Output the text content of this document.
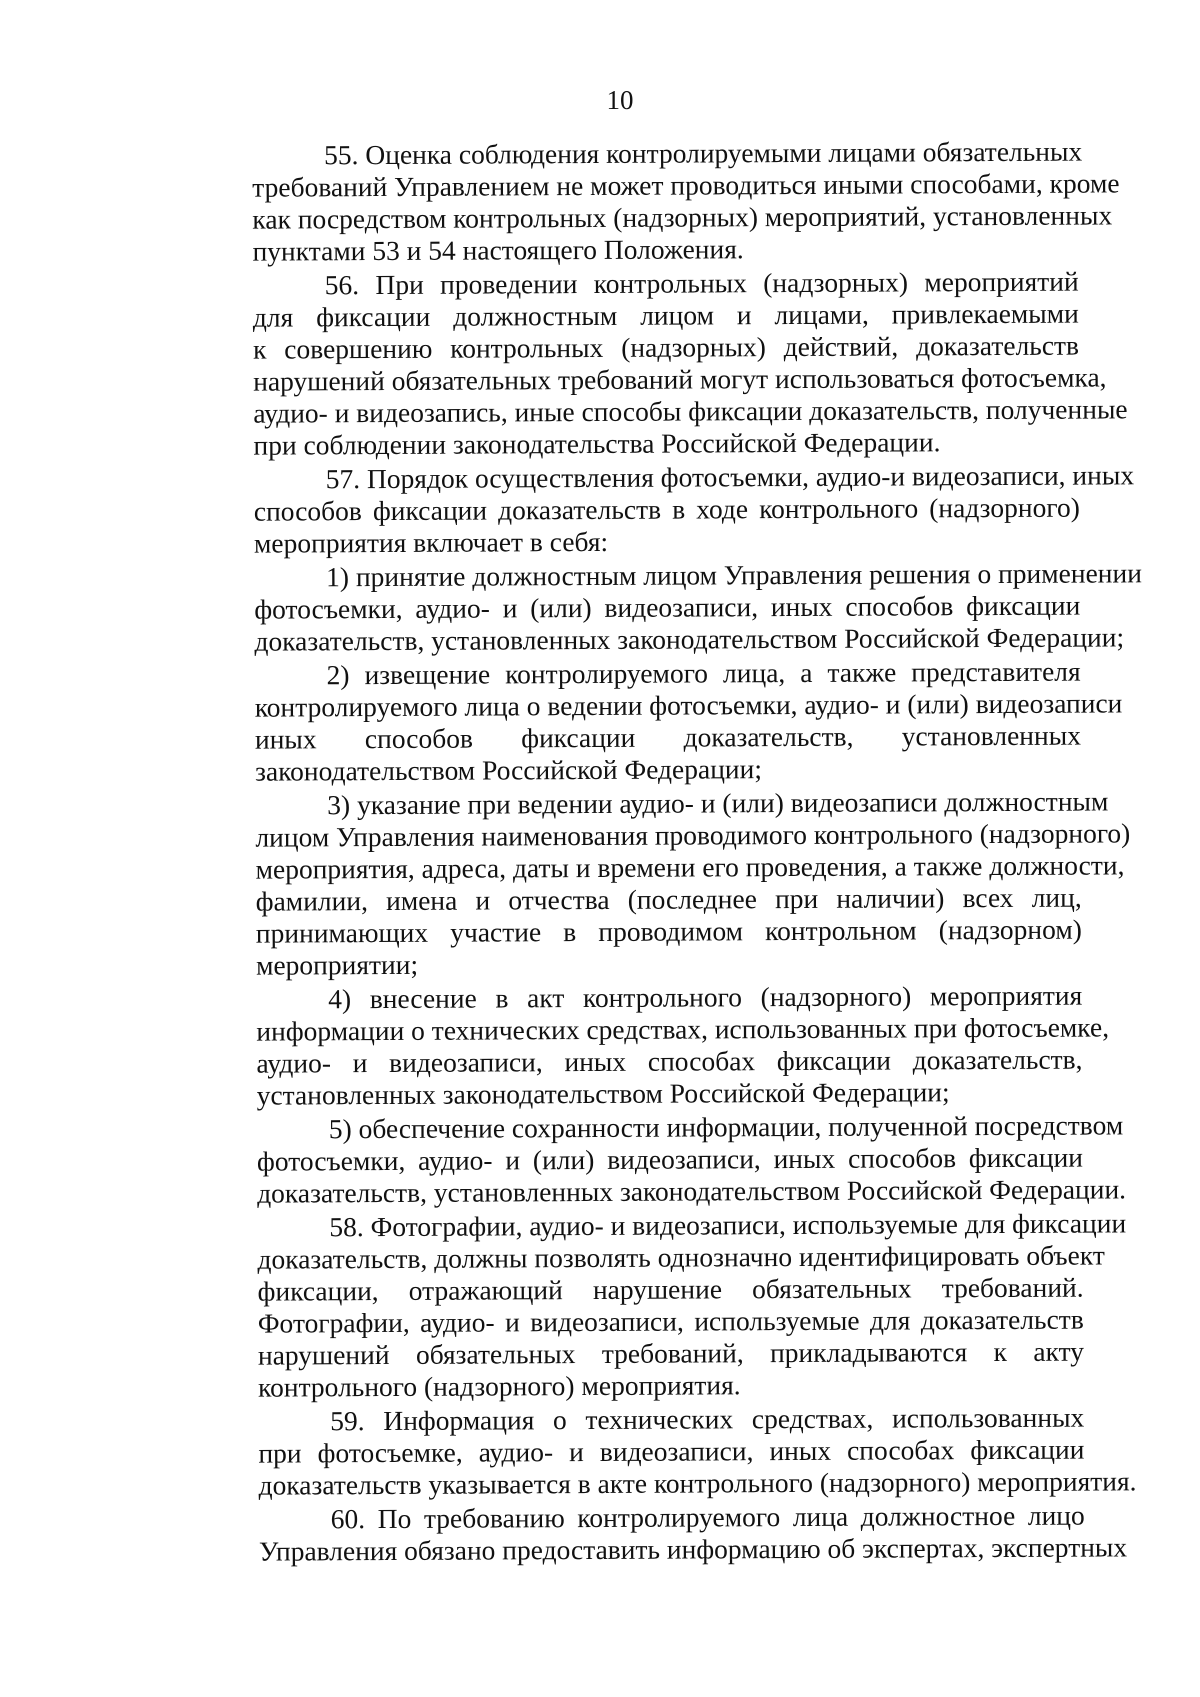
10
55. Оценка соблюдения контролируемыми лицами обязательных
требований Управлением не может проводиться иными способами, кроме
как посредством контрольных (надзорных) мероприятий, установленных
пунктами 53 и 54 настоящего Положения.
56. При проведении контрольных (надзорных) мероприятий
для фиксации должностным лицом и лицами, привлекаемыми
к совершению контрольных (надзорных) действий, доказательств
нарушений обязательных требований могут использоваться фотосъемка,
аудио- и видеозапись, иные способы фиксации доказательств, полученные
при соблюдении законодательства Российской Федерации.
57. Порядок осуществления фотосъемки, аудио-и видеозаписи, иных
способов фиксации доказательств в ходе контрольного (надзорного)
мероприятия включает в себя:
1) принятие должностным лицом Управления решения о применении
фотосъемки, аудио- и (или) видеозаписи, иных способов фиксации
доказательств, установленных законодательством Российской Федерации;
2) извещение контролируемого лица, а также представителя
контролируемого лица о ведении фотосъемки, аудио- и (или) видеозаписи
иных способов фиксации доказательств, установленных
законодательством Российской Федерации;
3) указание при ведении аудио- и (или) видеозаписи должностным
лицом Управления наименования проводимого контрольного (надзорного)
мероприятия, адреса, даты и времени его проведения, а также должности,
фамилии, имена и отчества (последнее при наличии) всех лиц,
принимающих участие в проводимом контрольном (надзорном)
мероприятии;
4) внесение в акт контрольного (надзорного) мероприятия
информации о технических средствах, использованных при фотосъемке,
аудио- и видеозаписи, иных способах фиксации доказательств,
установленных законодательством Российской Федерации;
5) обеспечение сохранности информации, полученной посредством
фотосъемки, аудио- и (или) видеозаписи, иных способов фиксации
доказательств, установленных законодательством Российской Федерации.
58. Фотографии, аудио- и видеозаписи, используемые для фиксации
доказательств, должны позволять однозначно идентифицировать объект
фиксации, отражающий нарушение обязательных требований.
Фотографии, аудио- и видеозаписи, используемые для доказательств
нарушений обязательных требований, прикладываются к акту
контрольного (надзорного) мероприятия.
59. Информация о технических средствах, использованных
при фотосъемке, аудио- и видеозаписи, иных способах фиксации
доказательств указывается в акте контрольного (надзорного) мероприятия.
60. По требованию контролируемого лица должностное лицо
Управления обязано предоставить информацию об экспертах, экспертных
